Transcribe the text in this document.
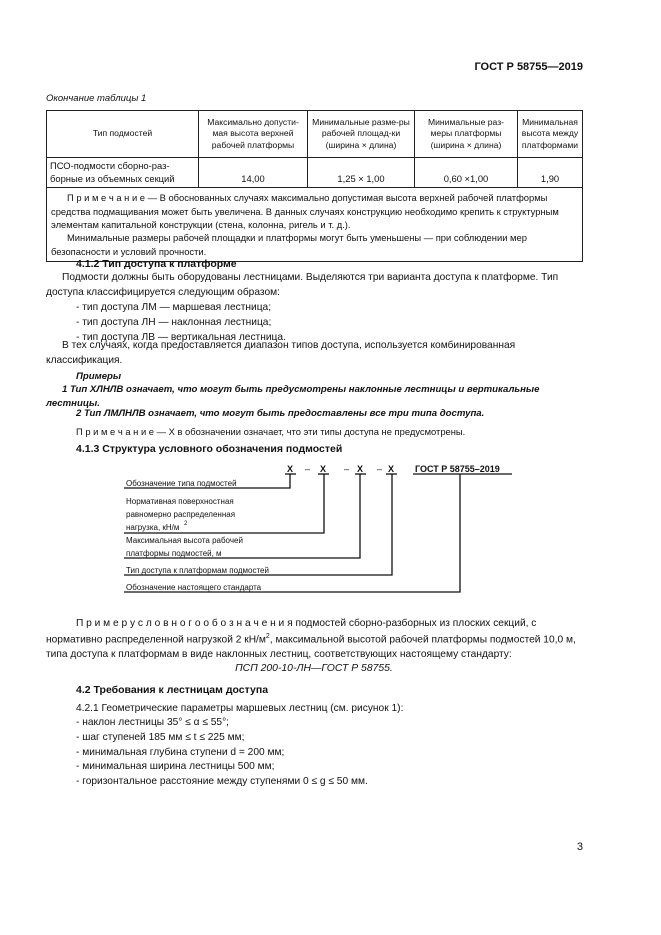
ГОСТ Р 58755—2019
Окончание таблицы 1
Тип подмостей	Максимально допусти-мая высота верхней рабочей платформы	Минимальные разме-ры рабочей площад-ки (ширина × длина)	Минимальные раз-меры платформы (ширина × длина)	Минимальная высота между платформами

ПСО-подмости сборно-раз-
борные из объемных секций	14,00	1,25 × 1,00	0,60 ×1,00	1,90

П р и м е ч а н и е — В обоснованных случаях максимально допустимая высота верхней рабочей платформы средства подмащивания может быть увеличена. В данных случаях конструкцию необходимо крепить к структурным элементам капитальной конструкции (стена, колонна, ригель и т. д.).

Минимальные размеры рабочей площадки и платформы могут быть уменьшены — при соблюдении мер безопасности и условий прочности.				

4.1.2 Тип доступа к платформе

Подмости должны быть оборудованы лестницами. Выделяются три варианта доступа к платформе. Тип доступа классифицируется следующим образом:

- тип доступа ЛМ — маршевая лестница;
- тип доступа ЛН — наклонная лестница;
- тип доступа ЛВ — вертикальная лестница.

В тех случаях, когда предоставляется диапазон типов доступа, используется комбинированная классификация.

Примеры

1 Тип ХЛНЛВ означает, что могут быть предусмотрены наклонные лестницы и вертикальные лестницы.

2 Тип ЛМЛНЛВ означает, что могут быть предоставлены все три типа доступа.
П р и м е ч а н и е — Х в обозначении означает, что эти типы доступа не предусмотрены.
4.1.3 Структура условного обозначения подмостей
Х – Х – Х – Х ГОСТ Р 58755–2019
Обозначение типа подмостей
Нормативная поверхностная
равномерно распределенная
нагрузка, кН/м 2
Максимальная высота рабочей
платформы подмостей, м
Тип доступа к платформам подмостей
Обозначение настоящего стандарта

П р и м е р у с л о в н о г о о б о з н а ч е н и я подмостей сборно-разборных из плоских секций, с нормативно распределенной нагрузкой 2 $кН/м^2$, максимальной высотой рабочей платформы подмостей 10,0 м, типа доступа к платформам в виде наклонных лестниц, соответствующих настоящему стандарту:

ПСП 200-10-ЛН—ГОСТ Р 58755.
4.2 Требования к лестницам доступа
4.2.1 Геометрические параметры маршевых лестниц (см. рисунок 1):
- наклон лестницы 35° ≤ α ≤ 55°;
- шаг ступеней 185 мм ≤ t ≤ 225 мм;
- минимальная глубина ступени d = 200 мм;
- минимальная ширина лестницы 500 мм;
- горизонтальное расстояние между ступенями 0 ≤ g ≤ 50 мм.
3
